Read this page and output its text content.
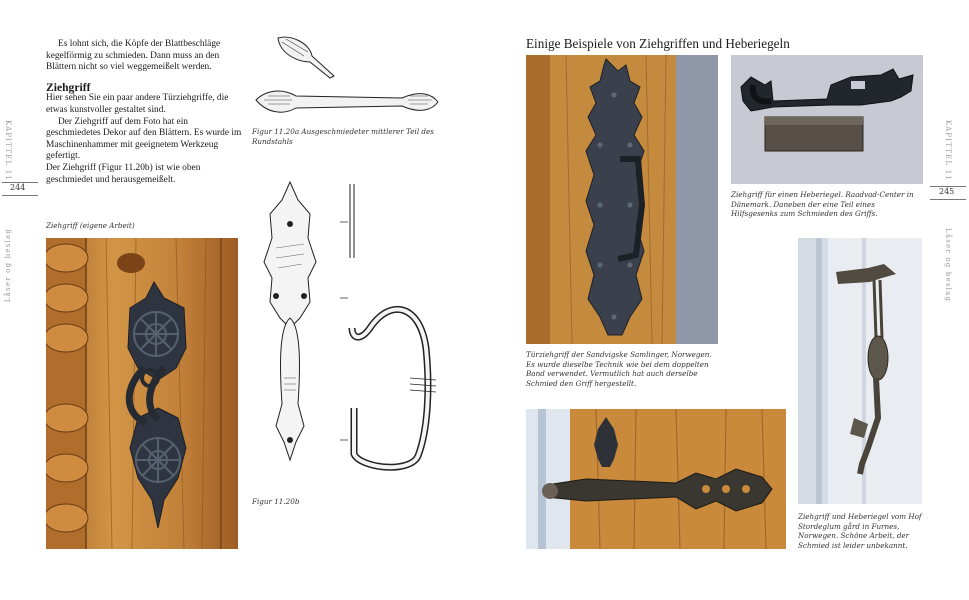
KAPITTEL 11
244
Låser og beslag

Es lohnt sich, die Köpfe der Blattbeschläge kegelförmig zu schmieden. Dann muss an den Blättern nicht so viel weggemeißelt werden.

Ziehgriff

Hier sehen Sie ein paar andere Türziehgriffe, die etwas kunstvoller gestaltet sind.

Der Ziehgriff auf dem Foto hat ein geschmiedetes Dekor auf den Blättern. Es wurde im Maschinenhammer mit geeignetem Werkzeug gefertigt.

Der Ziehgriff (Figur 11.20b) ist wie oben geschmiedet und herausgemeißelt.

Ziehgriff (eigene Arbeit)
Figur 11.20a Ausgeschmiedeter mittlerer Teil des Rundstahls
Figur 11.20b
Einige Beispiele von Ziehgriffen und Heberiegeln
Ziehgriff für einen Heberiegel. Raadvad-Center in Dänemark. Daneben der eine Teil eines Hilfsgesenks zum Schmieden des Griffs.
KAPITTEL 11
245
Låser og beslag
Türziehgriff der Sandvigske Samlinger, Norwegen. Es wurde dieselbe Technik wie bei dem doppelten Band verwendet. Vermutlich hat auch derselbe Schmied den Griff hergestellt.
Ziehgriff und Heberiegel vom Hof Stordeglum gård in Furnes, Norwegen. Schöne Arbeit, der Schmied ist leider unbekannt.
